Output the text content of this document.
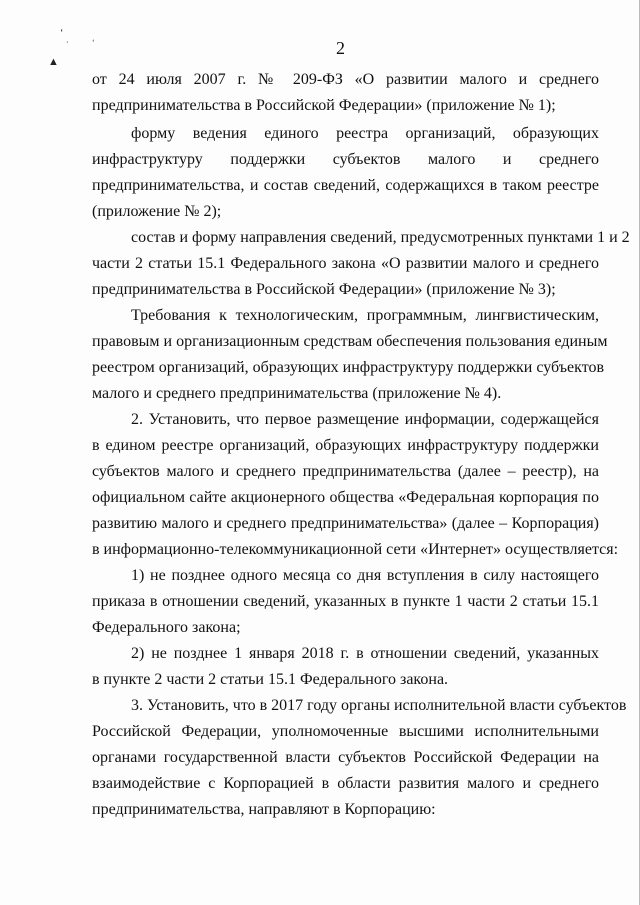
‘
·
▲
‘	2
от 24 июля 2007 г. № 209-ФЗ «О развитии малого и среднего
предпринимательства в Российской Федерации» (приложение № 1);
форму ведения единого реестра организаций, образующих
инфраструктуру поддержки субъектов малого и среднего
предпринимательства, и состав сведений, содержащихся в таком реестре
(приложение № 2);
состав и форму направления сведений, предусмотренных пунктами 1 и 2
части 2 статьи 15.1 Федерального закона «О развитии малого и среднего
предпринимательства в Российской Федерации» (приложение № 3);
Требования к технологическим, программным, лингвистическим,
правовым и организационным средствам обеспечения пользования единым
реестром организаций, образующих инфраструктуру поддержки субъектов
малого и среднего предпринимательства (приложение № 4).
2. Установить, что первое размещение информации, содержащейся
в едином реестре организаций, образующих инфраструктуру поддержки
субъектов малого и среднего предпринимательства (далее – реестр), на
официальном сайте акционерного общества «Федеральная корпорация по
развитию малого и среднего предпринимательства» (далее – Корпорация)
в информационно-телекоммуникационной сети «Интернет» осуществляется:
1) не позднее одного месяца со дня вступления в силу настоящего
приказа в отношении сведений, указанных в пункте 1 части 2 статьи 15.1
Федерального закона;
2) не позднее 1 января 2018 г. в отношении сведений, указанных
в пункте 2 части 2 статьи 15.1 Федерального закона.
3. Установить, что в 2017 году органы исполнительной власти субъектов
Российской Федерации, уполномоченные высшими исполнительными
органами государственной власти субъектов Российской Федерации на
взаимодействие с Корпорацией в области развития малого и среднего
предпринимательства, направляют в Корпорацию:
